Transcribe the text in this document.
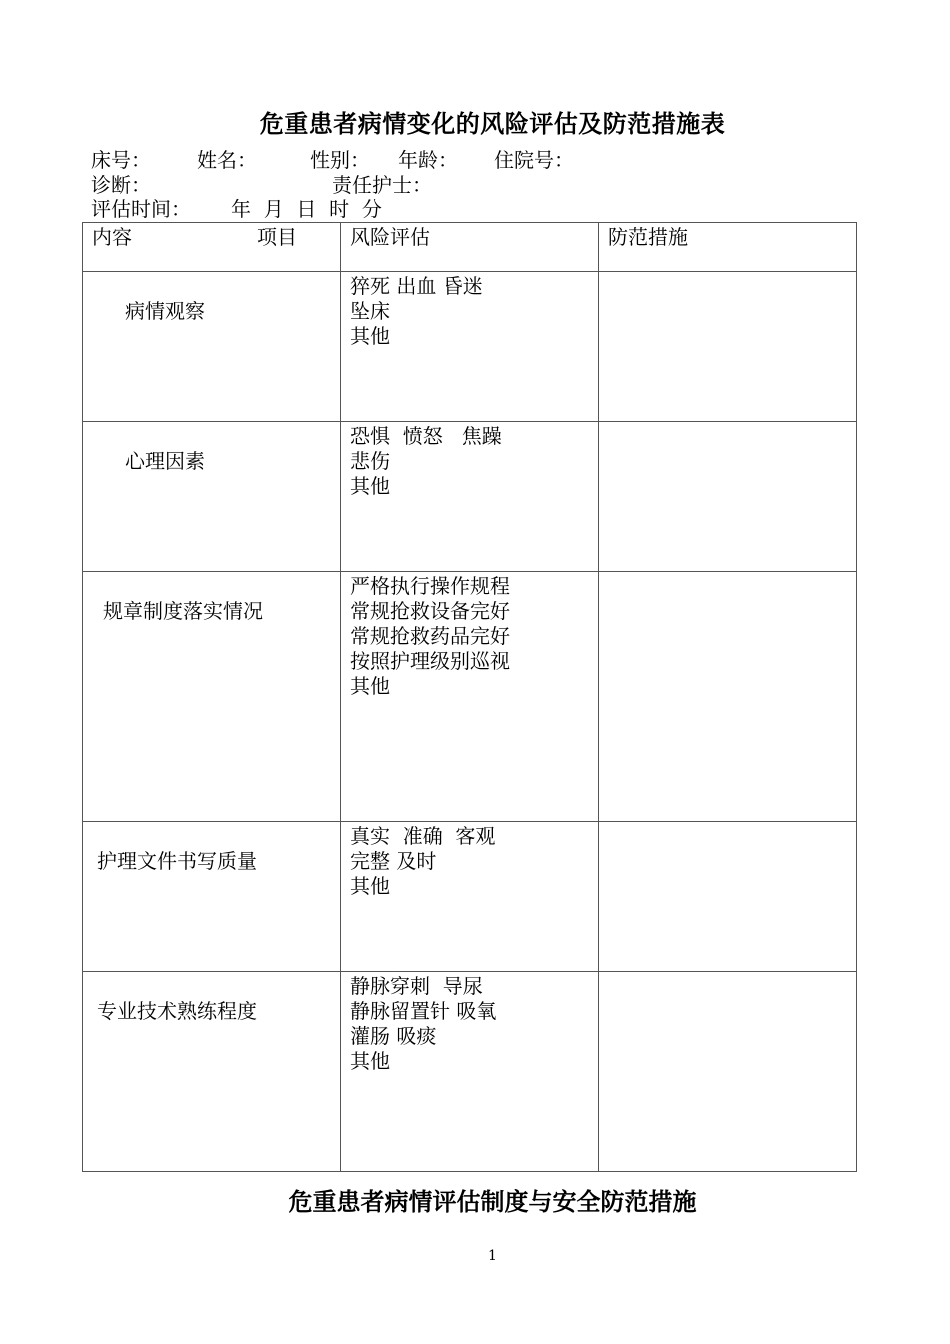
危重患者病情变化的风险评估及防范措施表
床号： 姓名：	性别： 年龄： 住院号：
诊断：	责任护士：
评估时间： 年  月  日  时  分
内容 项目	风险评估	防范措施

病情观察	猝死 出血 昏迷
坠床
其他	

心理因素	恐惧  愤怒   焦躁
悲伤
其他	

规章制度落实情况	严格执行操作规程
常规抢救设备完好
常规抢救药品完好
按照护理级别巡视
其他	

护理文件书写质量	真实  准确  客观
完整 及时
其他	

专业技术熟练程度	静脉穿刺  导尿
静脉留置针 吸氧
灌肠 吸痰
其他	

危重患者病情评估制度与安全防范措施
1
